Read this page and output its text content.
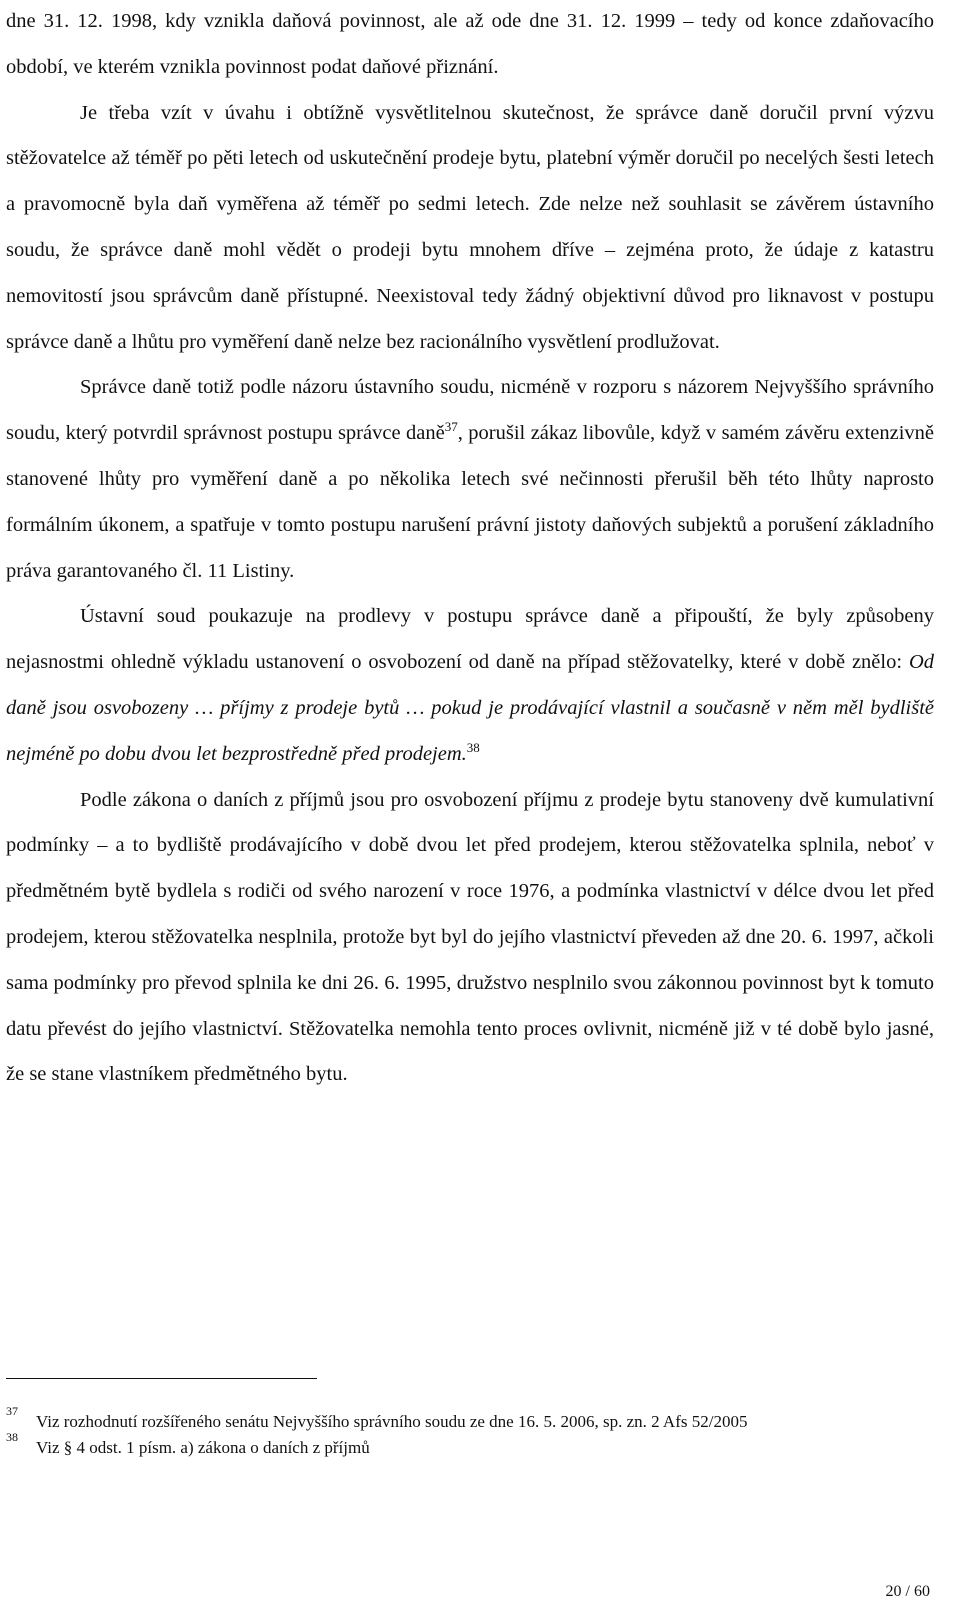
dne 31. 12. 1998, kdy vznikla daňová povinnost, ale až ode dne 31. 12. 1999 – tedy od konce zdaňovacího období, ve kterém vznikla povinnost podat daňové přiznání.

Je třeba vzít v úvahu i obtížně vysvětlitelnou skutečnost, že správce daně doručil první výzvu stěžovatelce až téměř po pěti letech od uskutečnění prodeje bytu, platební výměr doručil po necelých šesti letech a pravomocně byla daň vyměřena až téměř po sedmi letech. Zde nelze než souhlasit se závěrem ústavního soudu, že správce daně mohl vědět o prodeji bytu mnohem dříve – zejména proto, že údaje z katastru nemovitostí jsou správcům daně přístupné. Neexistoval tedy žádný objektivní důvod pro liknavost v postupu správce daně a lhůtu pro vyměření daně nelze bez racionálního vysvětlení prodlužovat.

Správce daně totiž podle názoru ústavního soudu, nicméně v rozporu s názorem Nejvyššího správního soudu, který potvrdil správnost postupu správce daně$^{37}$, porušil zákaz libovůle, když v samém závěru extenzivně stanovené lhůty pro vyměření daně a po několika letech své nečinnosti přerušil běh této lhůty naprosto formálním úkonem, a spatřuje v tomto postupu narušení právní jistoty daňových subjektů a porušení základního práva garantovaného čl. 11 Listiny.

Ústavní soud poukazuje na prodlevy v postupu správce daně a připouští, že byly způsobeny nejasnostmi ohledně výkladu ustanovení o osvobození od daně na případ stěžovatelky, které v době znělo: Od daně jsou osvobozeny … příjmy z prodeje bytů … pokud je prodávající vlastnil a současně v něm měl bydliště nejméně po dobu dvou let bezprostředně před prodejem.$^{38}$

Podle zákona o daních z příjmů jsou pro osvobození příjmu z prodeje bytu stanoveny dvě kumulativní podmínky – a to bydliště prodávajícího v době dvou let před prodejem, kterou stěžovatelka splnila, neboť v předmětném bytě bydlela s rodiči od svého narození v roce 1976, a podmínka vlastnictví v délce dvou let před prodejem, kterou stěžovatelka nesplnila, protože byt byl do jejího vlastnictví převeden až dne 20. 6. 1997, ačkoli sama podmínky pro převod splnila ke dni 26. 6. 1995, družstvo nesplnilo svou zákonnou povinnost byt k tomuto datu převést do jejího vlastnictví. Stěžovatelka nemohla tento proces ovlivnit, nicméně již v té době bylo jasné, že se stane vlastníkem předmětného bytu.

37
Viz rozhodnutí rozšířeného senátu Nejvyššího správního soudu ze dne 16. 5. 2006, sp. zn. 2 Afs 52/2005
38
Viz § 4 odst. 1 písm. a) zákona o daních z příjmů
20 / 60
